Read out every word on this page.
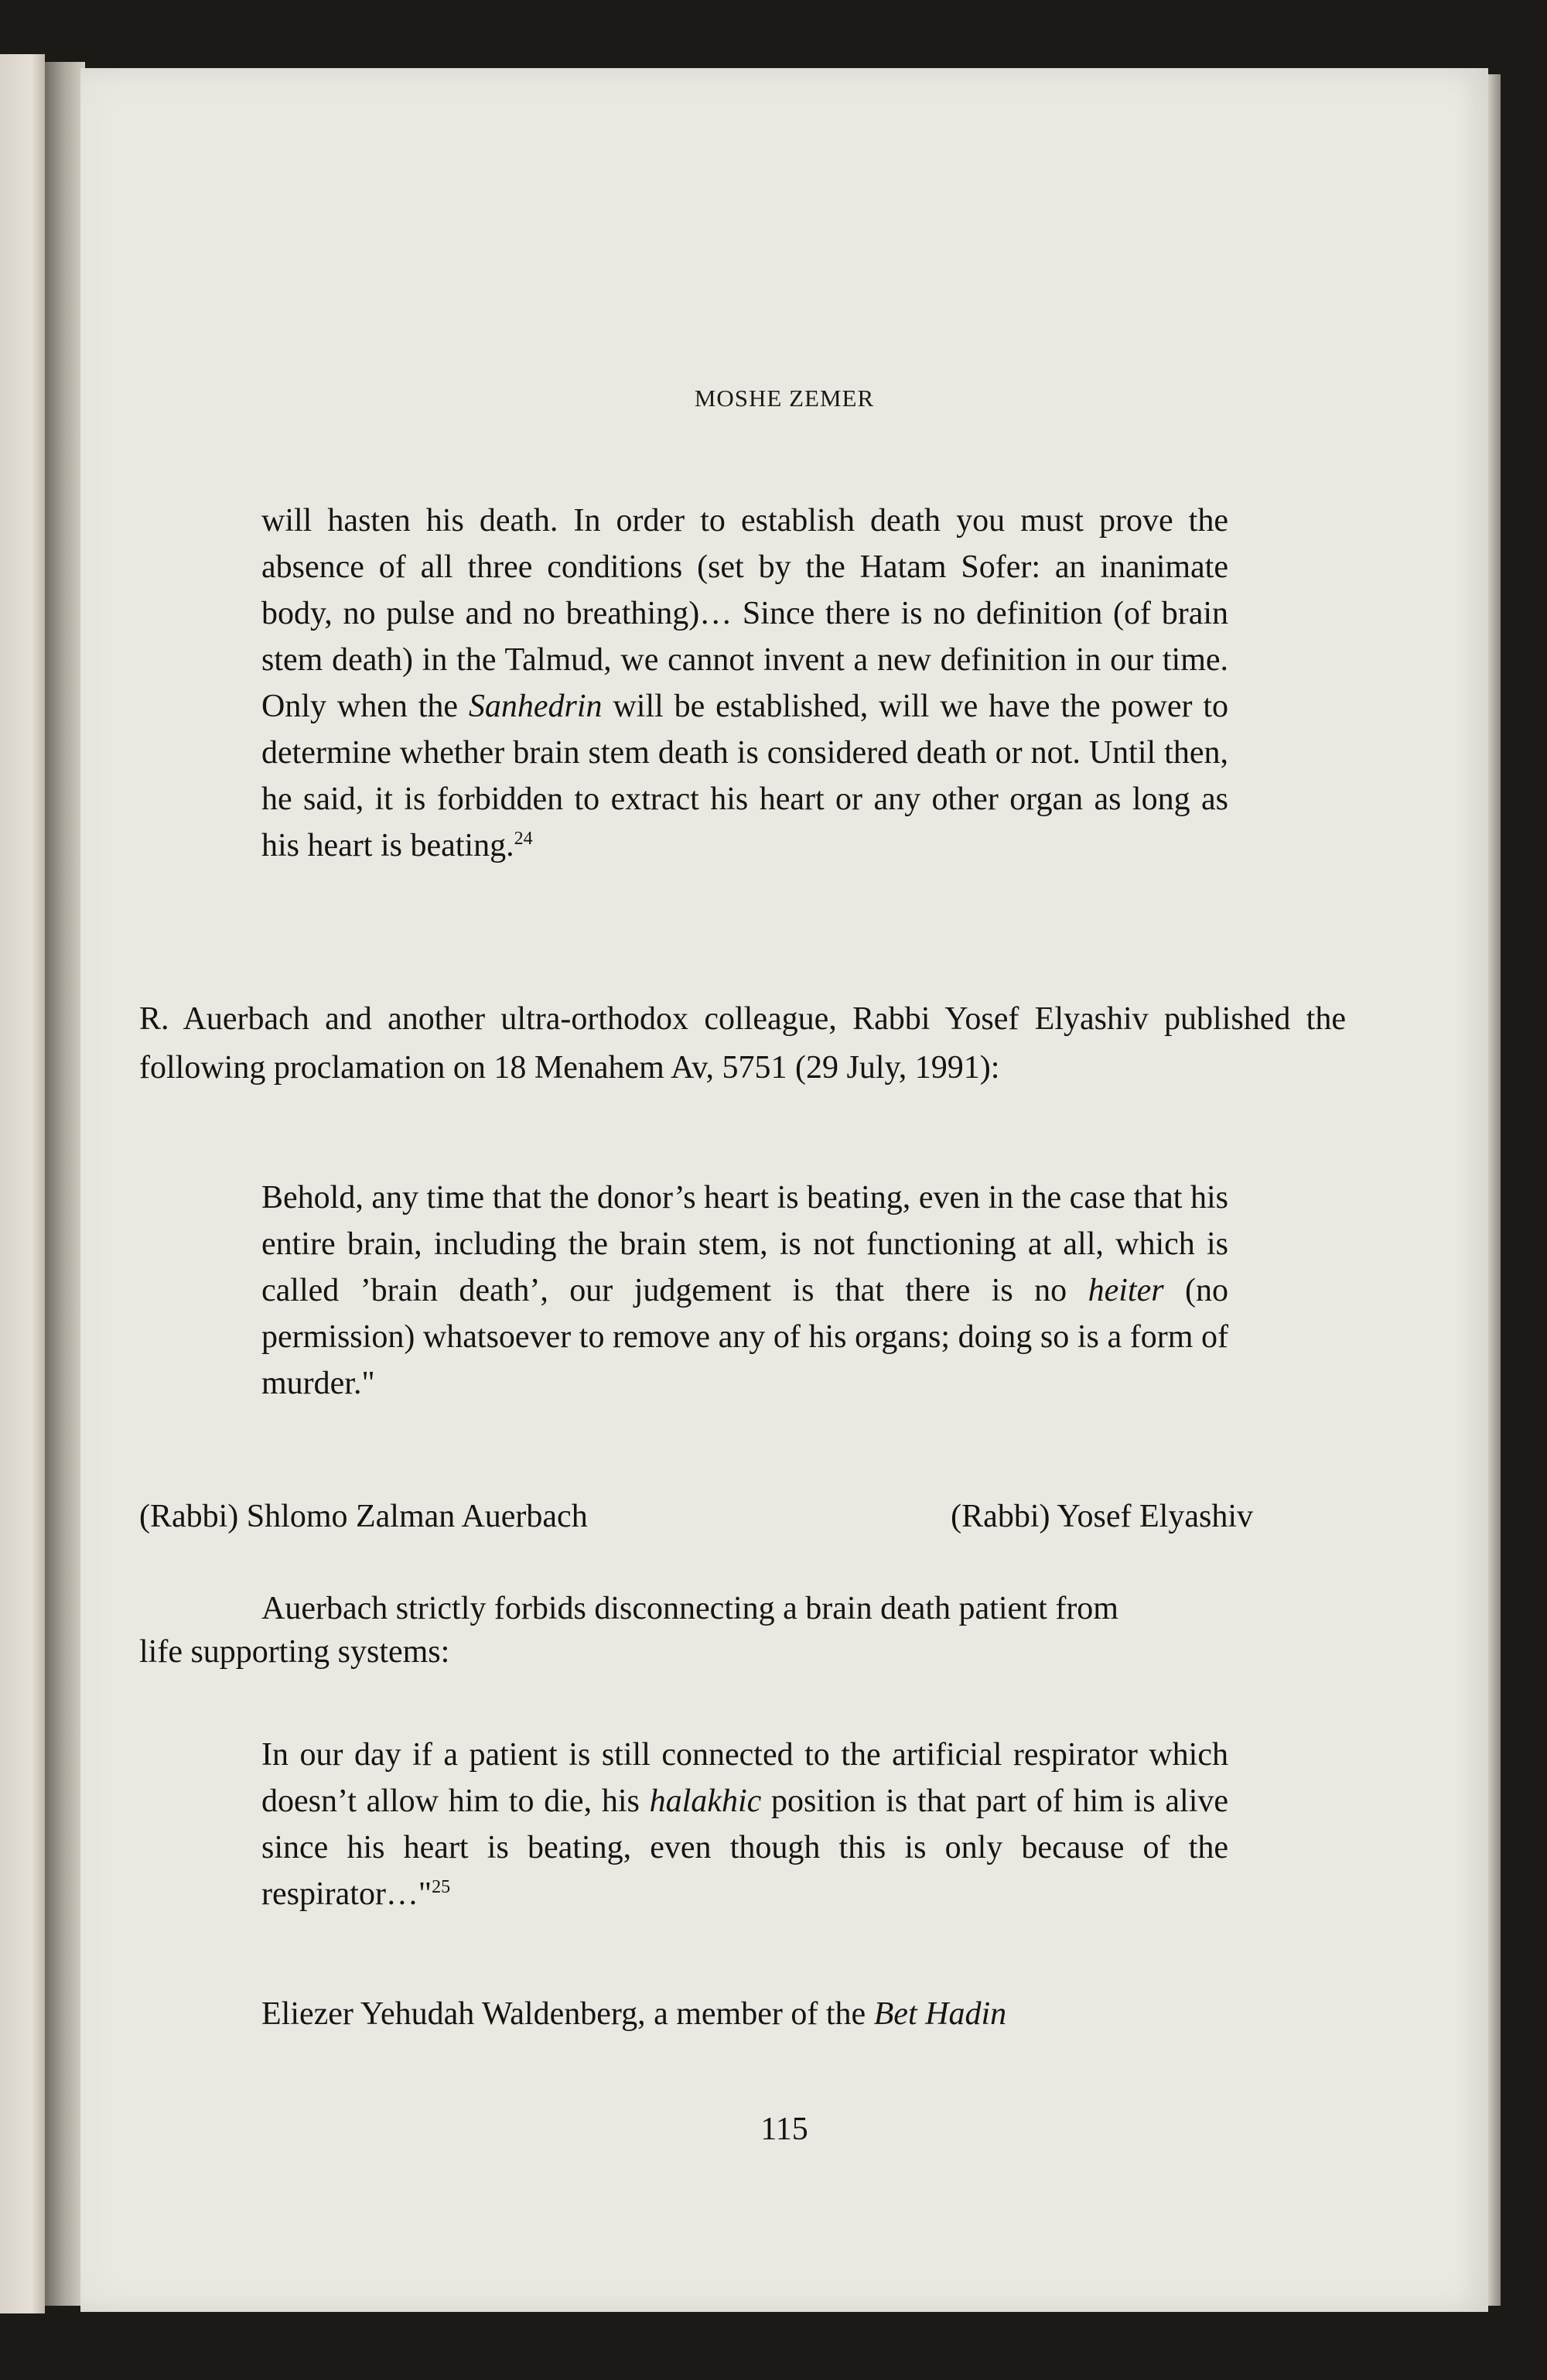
MOSHE ZEMER

will hasten his death. In order to establish death you must prove the absence of all three conditions (set by the Hatam Sofer: an inanimate body, no pulse and no breathing)… Since there is no definition (of brain stem death) in the Talmud, we cannot invent a new definition in our time. Only when the Sanhedrin will be established, will we have the power to determine whether brain stem death is considered death or not. Until then, he said, it is forbidden to extract his heart or any other organ as long as his heart is beating.$^{24}$

R. Auerbach and another ultra-orthodox colleague, Rabbi Yosef Elyashiv published the following proclamation on 18 Menahem Av, 5751 (29 July, 1991):

Behold, any time that the donor’s heart is beating, even in the case that his entire brain, including the brain stem, is not functioning at all, which is called ’brain death’, our judgement is that there is no heiter (no permission) whatsoever to remove any of his organs; doing so is a form of murder."

(Rabbi) Shlomo Zalman Auerbach	(Rabbi) Yosef Elyashiv

Auerbach strictly forbids disconnecting a brain death patient from

life supporting systems:

In our day if a patient is still connected to the artificial respirator which doesn’t allow him to die, his halakhic position is that part of him is alive since his heart is beating, even though this is only because of the respirator…"$^{25}$

Eliezer Yehudah Waldenberg, a member of the Bet Hadin

115
